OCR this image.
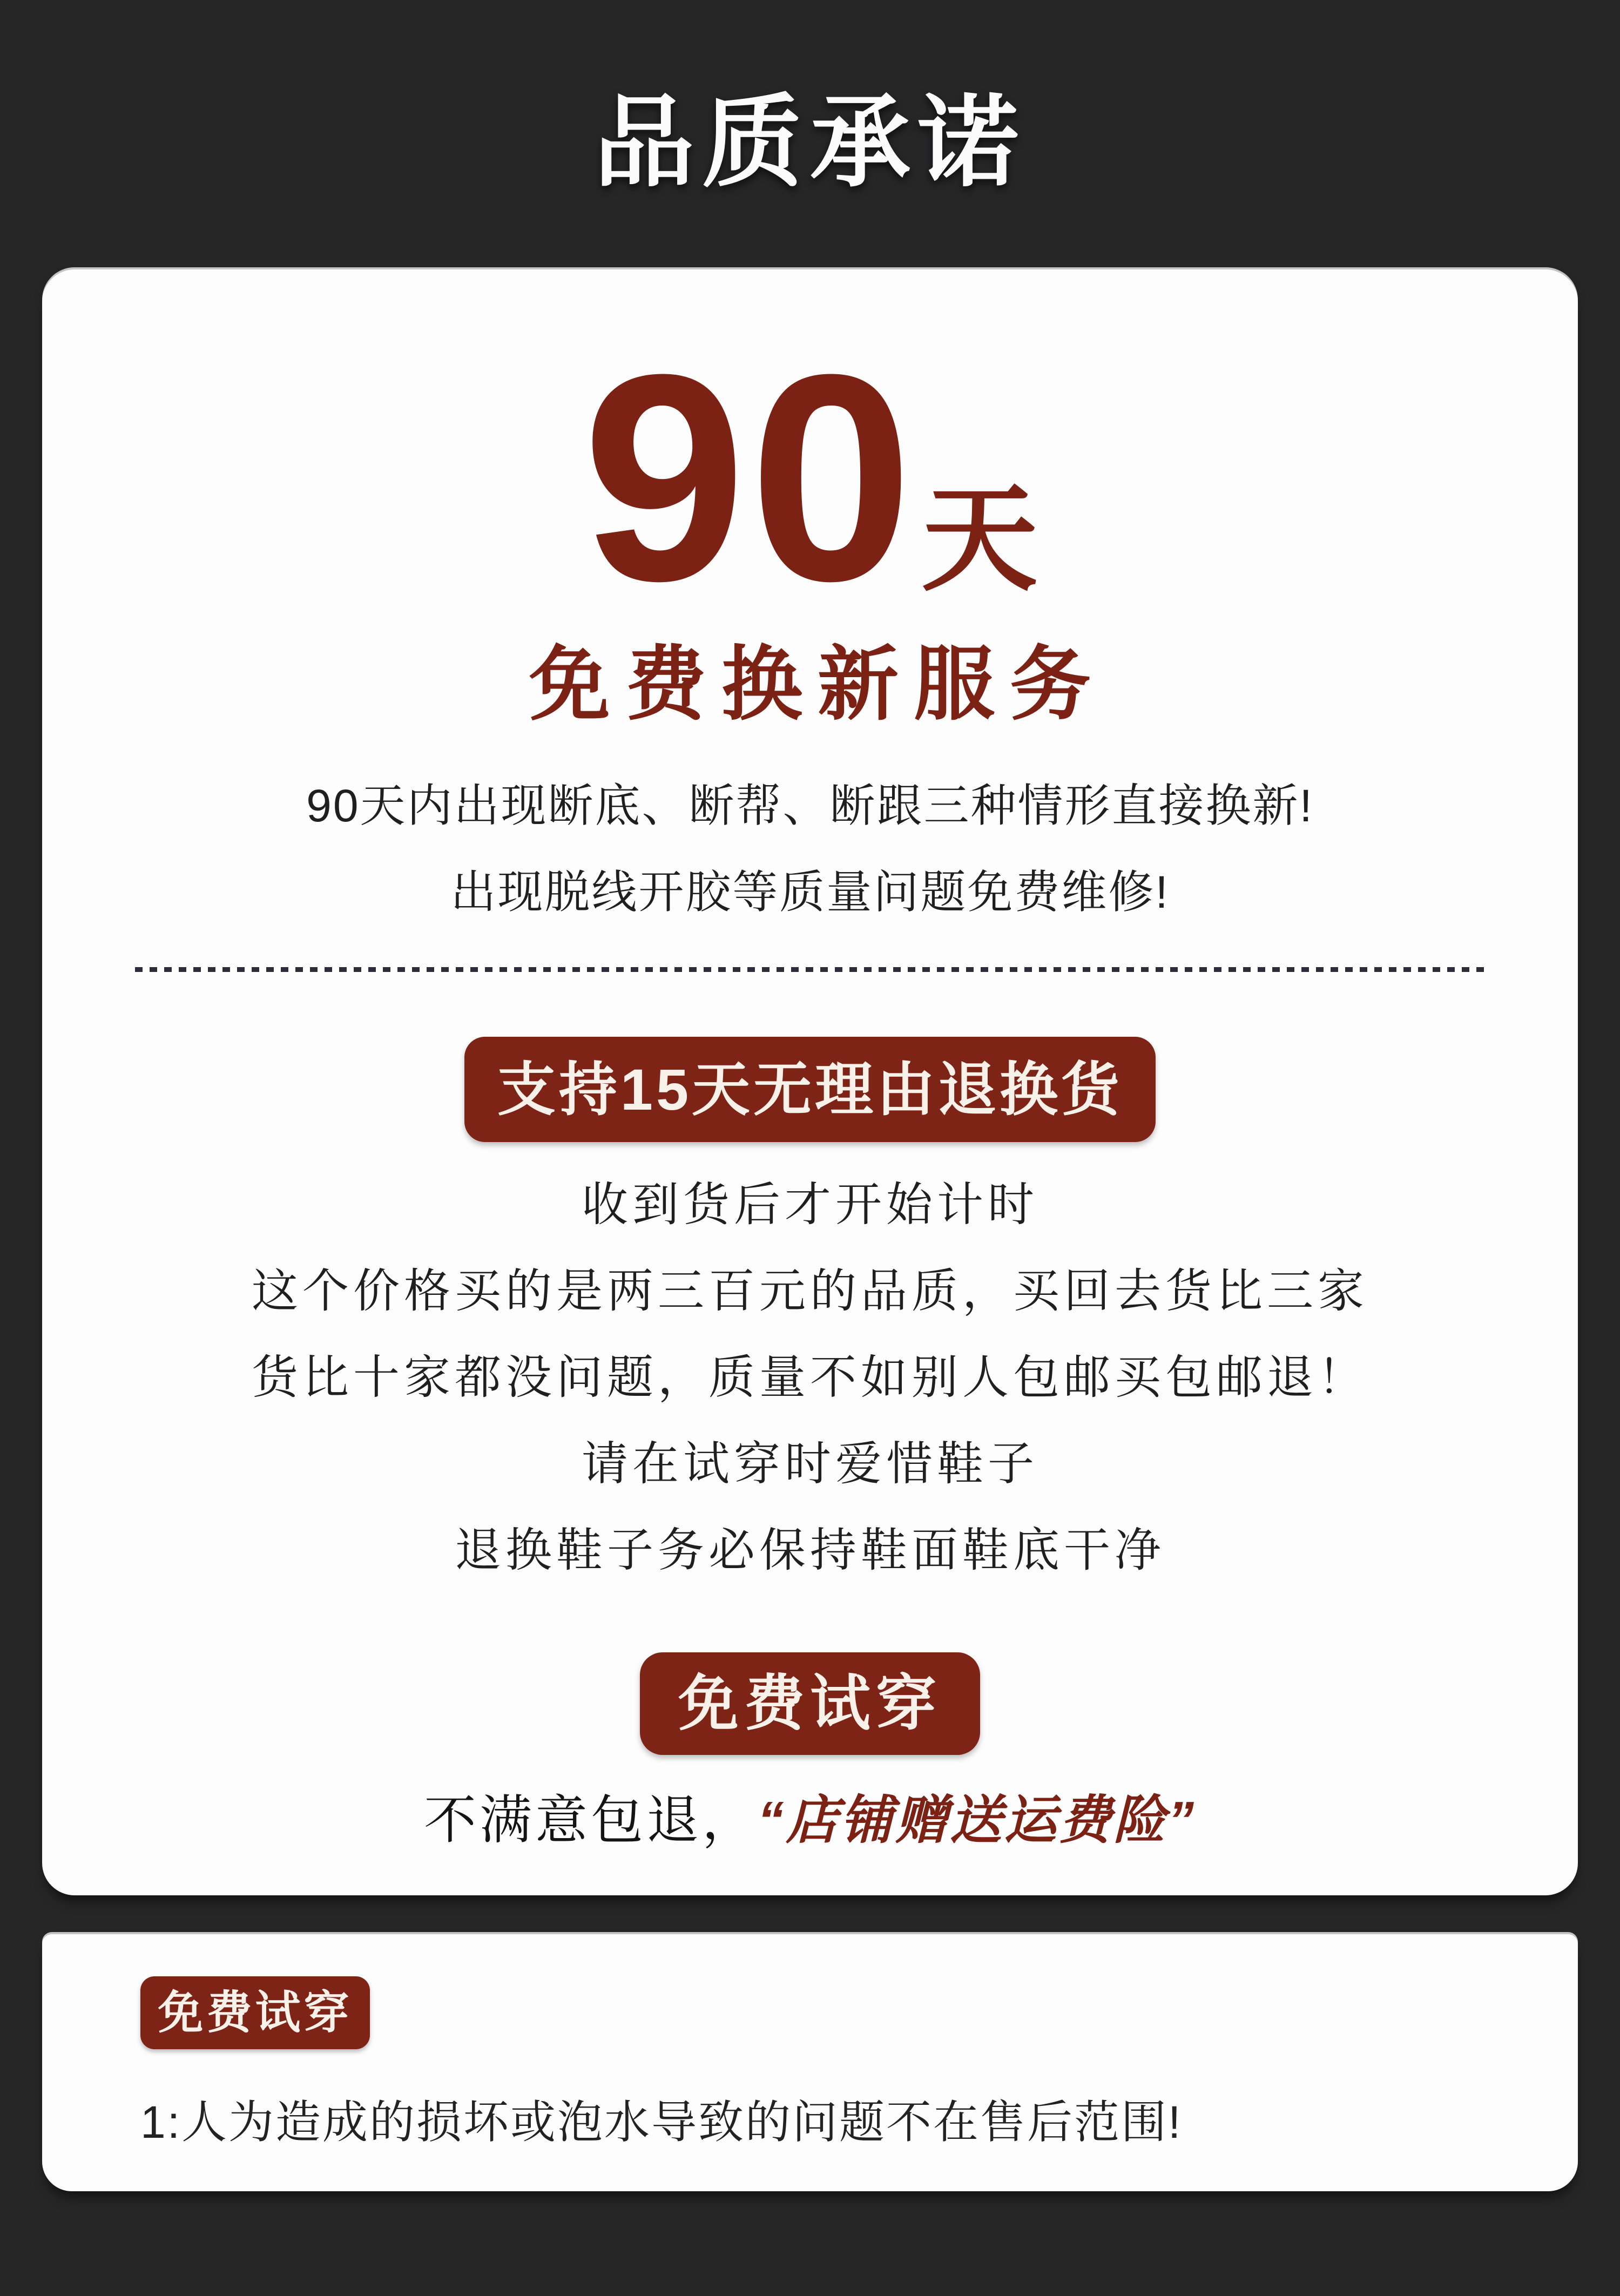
品质承诺
90天
免费换新服务
90天内出现断底、断帮、断跟三种情形直接换新!
出现脱线开胶等质量问题免费维修!
支持15天无理由退换货
收到货后才开始计时
这个价格买的是两三百元的品质，买回去货比三家
货比十家都没问题，质量不如别人包邮买包邮退！
请在试穿时爱惜鞋子
退换鞋子务必保持鞋面鞋底干净
免费试穿
不满意包退，“店铺赠送运费险”
免费试穿
1:人为造成的损坏或泡水导致的问题不在售后范围!
